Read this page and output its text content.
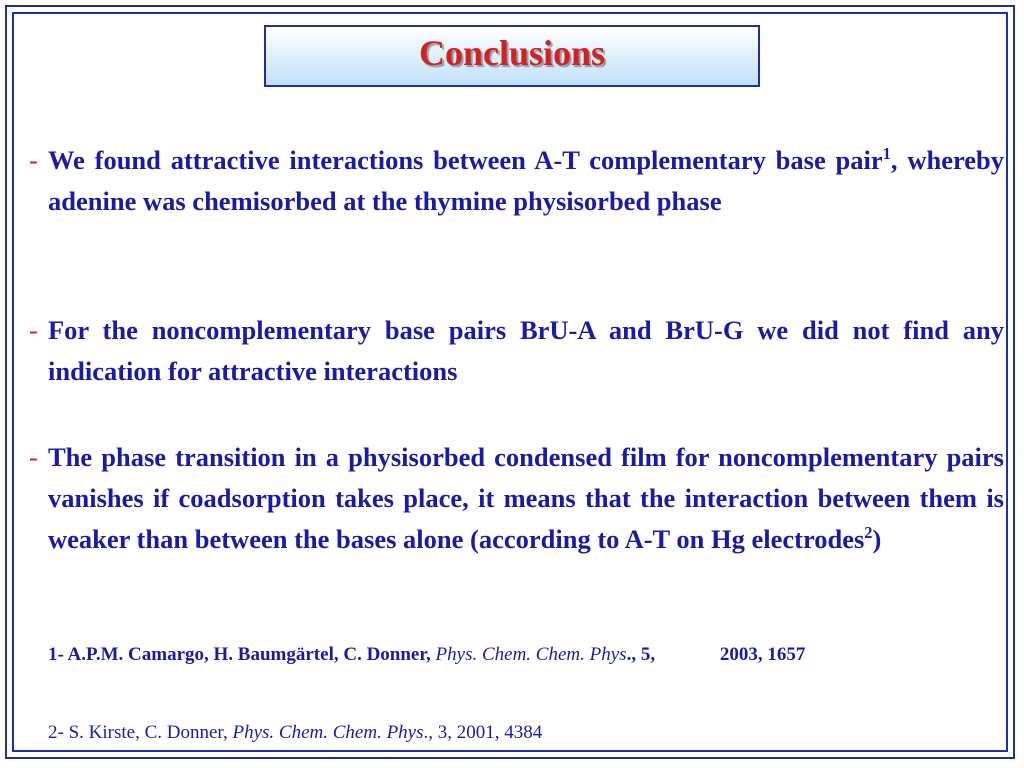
Conclusions
- We found attractive interactions between A-T complementary base pair$^1$, whereby adenine was chemisorbed at the thymine physisorbed phase
- For the noncomplementary base pairs BrU-A and BrU-G we did not find any indication for attractive interactions
- The phase transition in a physisorbed condensed film for noncomplementary pairs vanishes if coadsorption takes place, it means that the interaction between them is weaker than between the bases alone (according to A-T on Hg electrodes$^2$)
1- A.P.M. Camargo, H. Baumgärtel, C. Donner, Phys. Chem. Chem. Phys., 5,	2003, 1657
2- S. Kirste, C. Donner, Phys. Chem. Chem. Phys., 3, 2001, 4384
